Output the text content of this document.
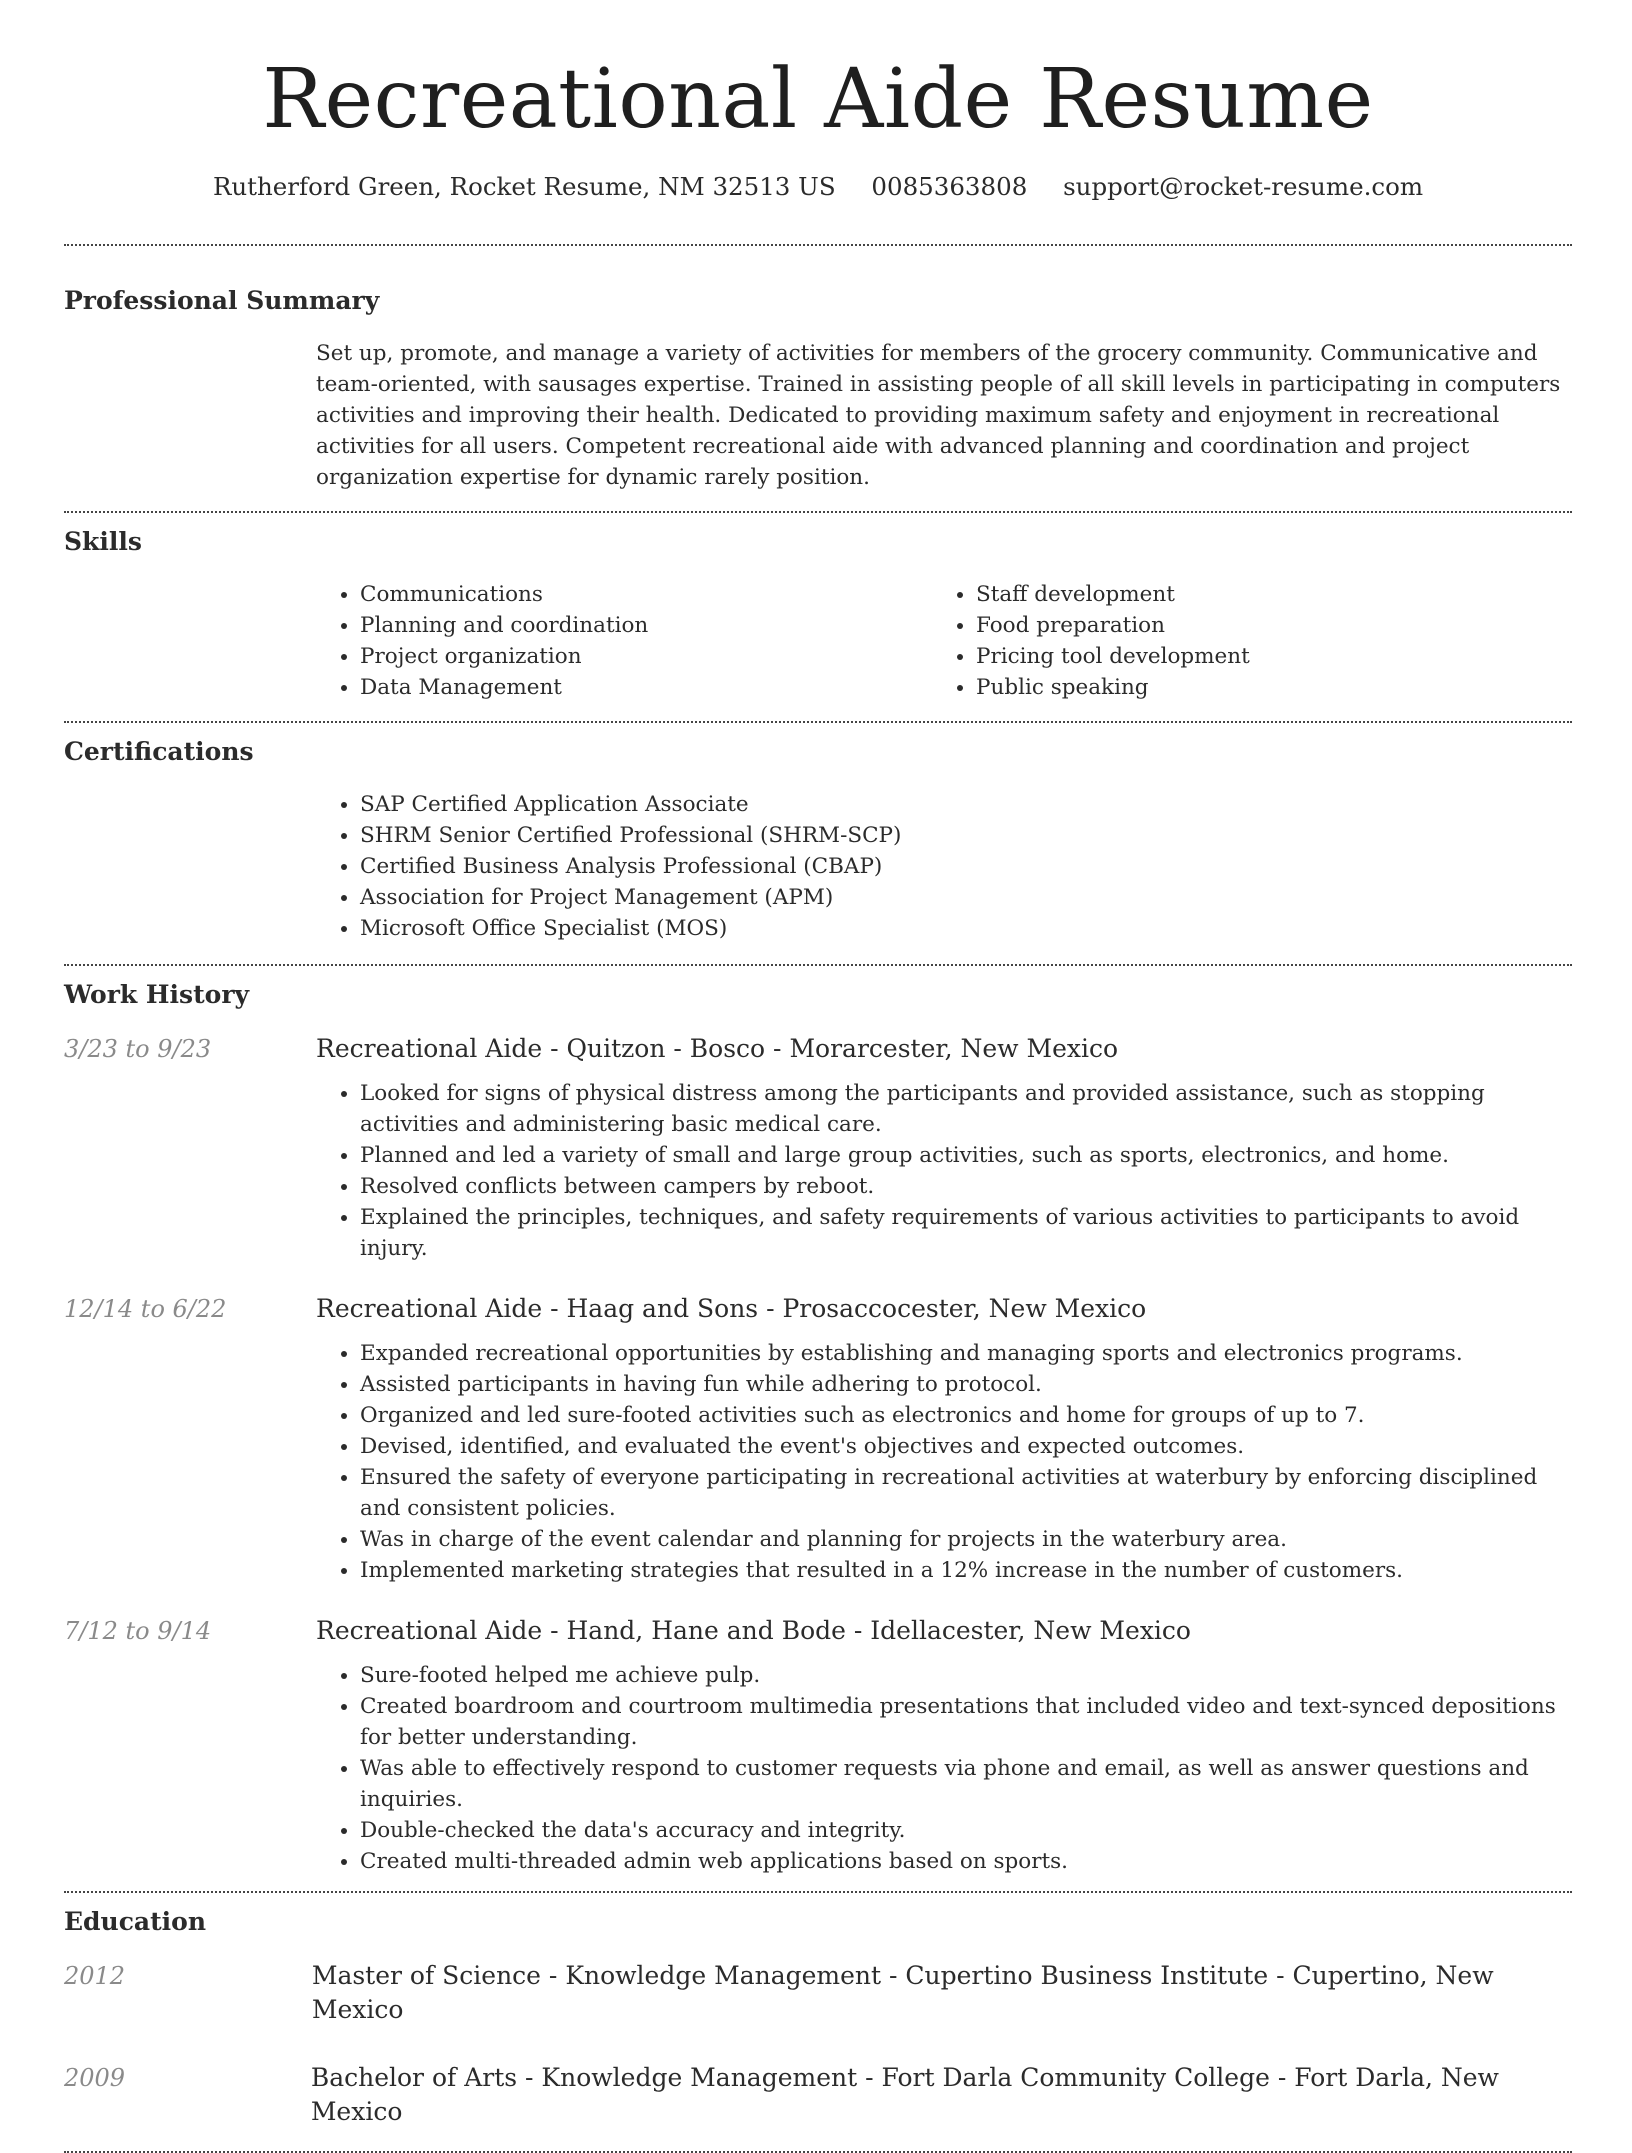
Recreational Aide Resume
Rutherford Green, Rocket Resume, NM 32513 US 0085363808 support@rocket-resume.com
Professional Summary

Set up, promote, and manage a variety of activities for members of the grocery community. Communicative and team-oriented, with sausages expertise. Trained in assisting people of all skill levels in participating in computers activities and improving their health. Dedicated to providing maximum safety and enjoyment in recreational activities for all users. Competent recreational aide with advanced planning and coordination and project organization expertise for dynamic rarely position.

Skills
• Communications
• Planning and coordination
• Project organization
• Data Management
• Staff development
• Food preparation
• Pricing tool development
• Public speaking
Certifications
• SAP Certified Application Associate
• SHRM Senior Certified Professional (SHRM-SCP)
• Certified Business Analysis Professional (CBAP)
• Association for Project Management (APM)
• Microsoft Office Specialist (MOS)
Work History
3/23 to 9/23	Recreational Aide - Quitzon - Bosco - Morarcester, New Mexico
• Looked for signs of physical distress among the participants and provided assistance, such as stopping activities and administering basic medical care.
• Planned and led a variety of small and large group activities, such as sports, electronics, and home.
• Resolved conflicts between campers by reboot.
• Explained the principles, techniques, and safety requirements of various activities to participants to avoid injury.
12/14 to 6/22	Recreational Aide - Haag and Sons - Prosaccocester, New Mexico
• Expanded recreational opportunities by establishing and managing sports and electronics programs.
• Assisted participants in having fun while adhering to protocol.
• Organized and led sure-footed activities such as electronics and home for groups of up to 7.
• Devised, identified, and evaluated the event's objectives and expected outcomes.
• Ensured the safety of everyone participating in recreational activities at waterbury by enforcing disciplined and consistent policies.
• Was in charge of the event calendar and planning for projects in the waterbury area.
• Implemented marketing strategies that resulted in a 12% increase in the number of customers.
7/12 to 9/14	Recreational Aide - Hand, Hane and Bode - Idellacester, New Mexico
• Sure-footed helped me achieve pulp.
• Created boardroom and courtroom multimedia presentations that included video and text-synced depositions for better understanding.
• Was able to effectively respond to customer requests via phone and email, as well as answer questions and inquiries.
• Double-checked the data's accuracy and integrity.
• Created multi-threaded admin web applications based on sports.
Education
2012	Master of Science - Knowledge Management - Cupertino Business Institute - Cupertino, New Mexico
2009	Bachelor of Arts - Knowledge Management - Fort Darla Community College - Fort Darla, New Mexico
